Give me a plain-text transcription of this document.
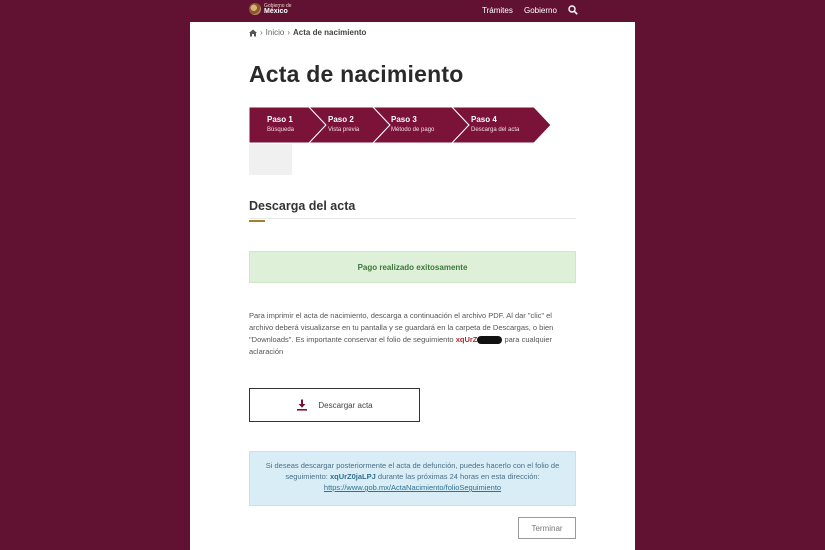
Gobierno de
México	Trámites Gobierno
› Inicio › Acta de nacimiento
Acta de nacimiento
Paso 1
Búsqueda
Paso 2
Vista previa
Paso 3
Método de pago
Paso 4
Descarga del acta
Descarga del acta
Pago realizado exitosamente

Para imprimir el acta de nacimiento, descarga a continuación el archivo PDF. Al dar "clic" el archivo deberá visualizarse en tu pantalla y se guardará en la carpeta de Descargas, o bien "Downloads". Es importante conservar el folio de seguimiento xqUrZ	para cualquier aclaración

Descargar acta
Si deseas descargar posteriormente el acta de defunción, puedes hacerlo con el folio de seguimiento: xqUrZ0jaLPJ durante las próximas 24 horas en esta dirección:
https://www.gob.mx/ActaNacimiento/folioSeguimiento
Terminar
